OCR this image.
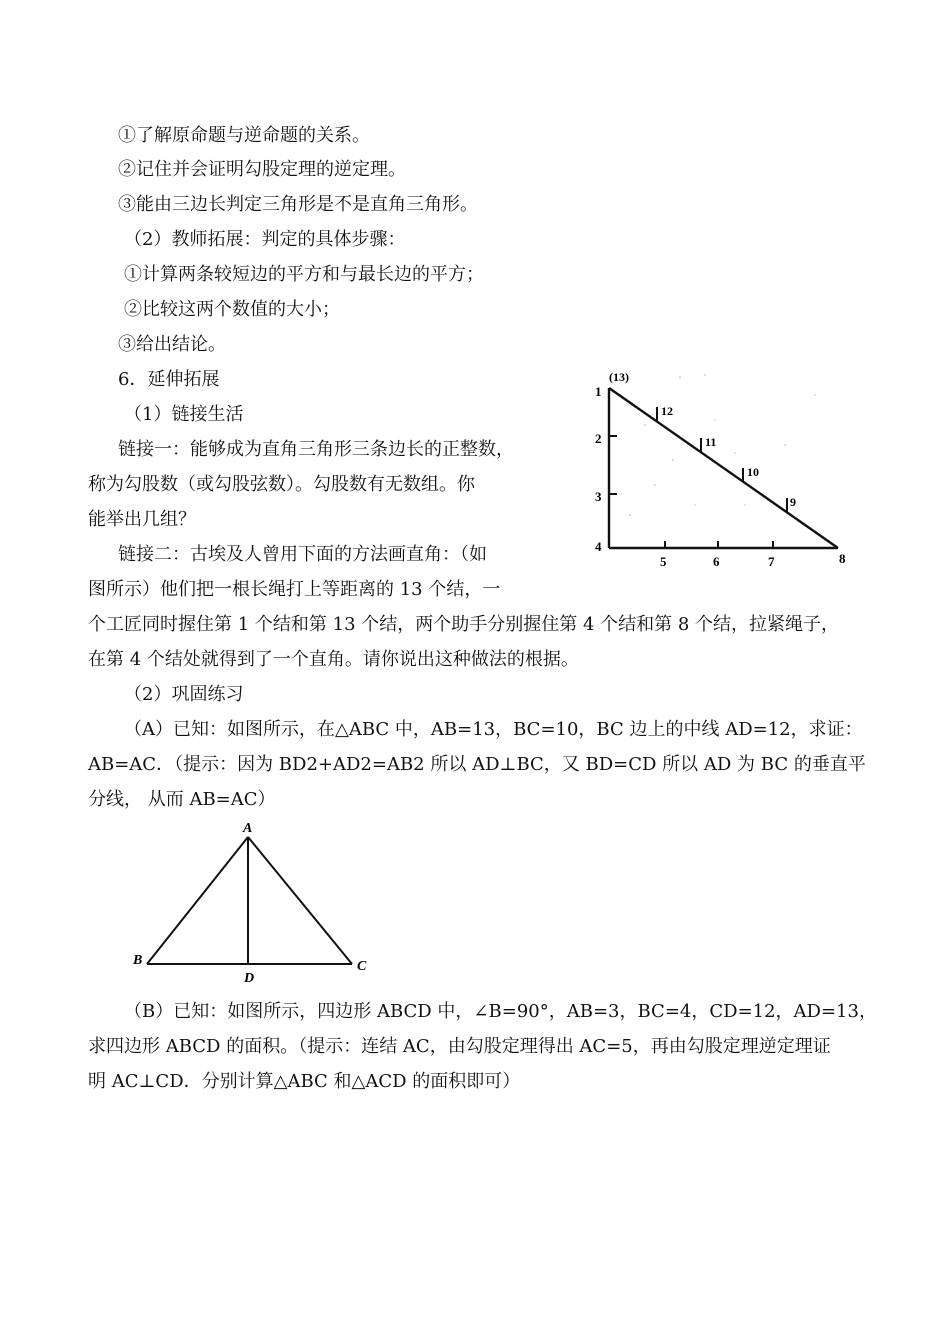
①了解原命题与逆命题的关系。
②记住并会证明勾股定理的逆定理。
③能由三边长判定三角形是不是直角三角形。
（2）教师拓展：判定的具体步骤：
①计算两条较短边的平方和与最长边的平方；
②比较这两个数值的大小；
③给出结论。
6．延伸拓展
（1）链接生活
链接一：能够成为直角三角形三条边长的正整数，
称为勾股数（或勾股弦数）。勾股数有无数组。你
能举出几组？
链接二：古埃及人曾用下面的方法画直角：（如
图所示）他们把一根长绳打上等距离的 13 个结，一
个工匠同时握住第 1 个结和第 13 个结，两个助手分别握住第 4 个结和第 8 个结，拉紧绳子，
在第 4 个结处就得到了一个直角。请你说出这种做法的根据。
（2）巩固练习
（A）已知：如图所示，在△ABC 中，AB=13，BC=10，BC 边上的中线 AD=12，求证：
AB=AC．（提示：因为 BD2+AD2=AB2 所以 AD⊥BC，又 BD=CD 所以 AD 为 BC 的垂直平
分线， 从而 AB=AC）
（B）已知：如图所示，四边形 ABCD 中，∠B=90°，AB=3，BC=4，CD=12，AD=13，
求四边形 ABCD 的面积。（提示：连结 AC，由勾股定理得出 AC=5，再由勾股定理逆定理证
明 AC⊥CD．分别计算△ABC 和△ACD 的面积即可）
(13)
1
2
3
4
5	6	7	8
12
11
10
9
A
B	C
D
